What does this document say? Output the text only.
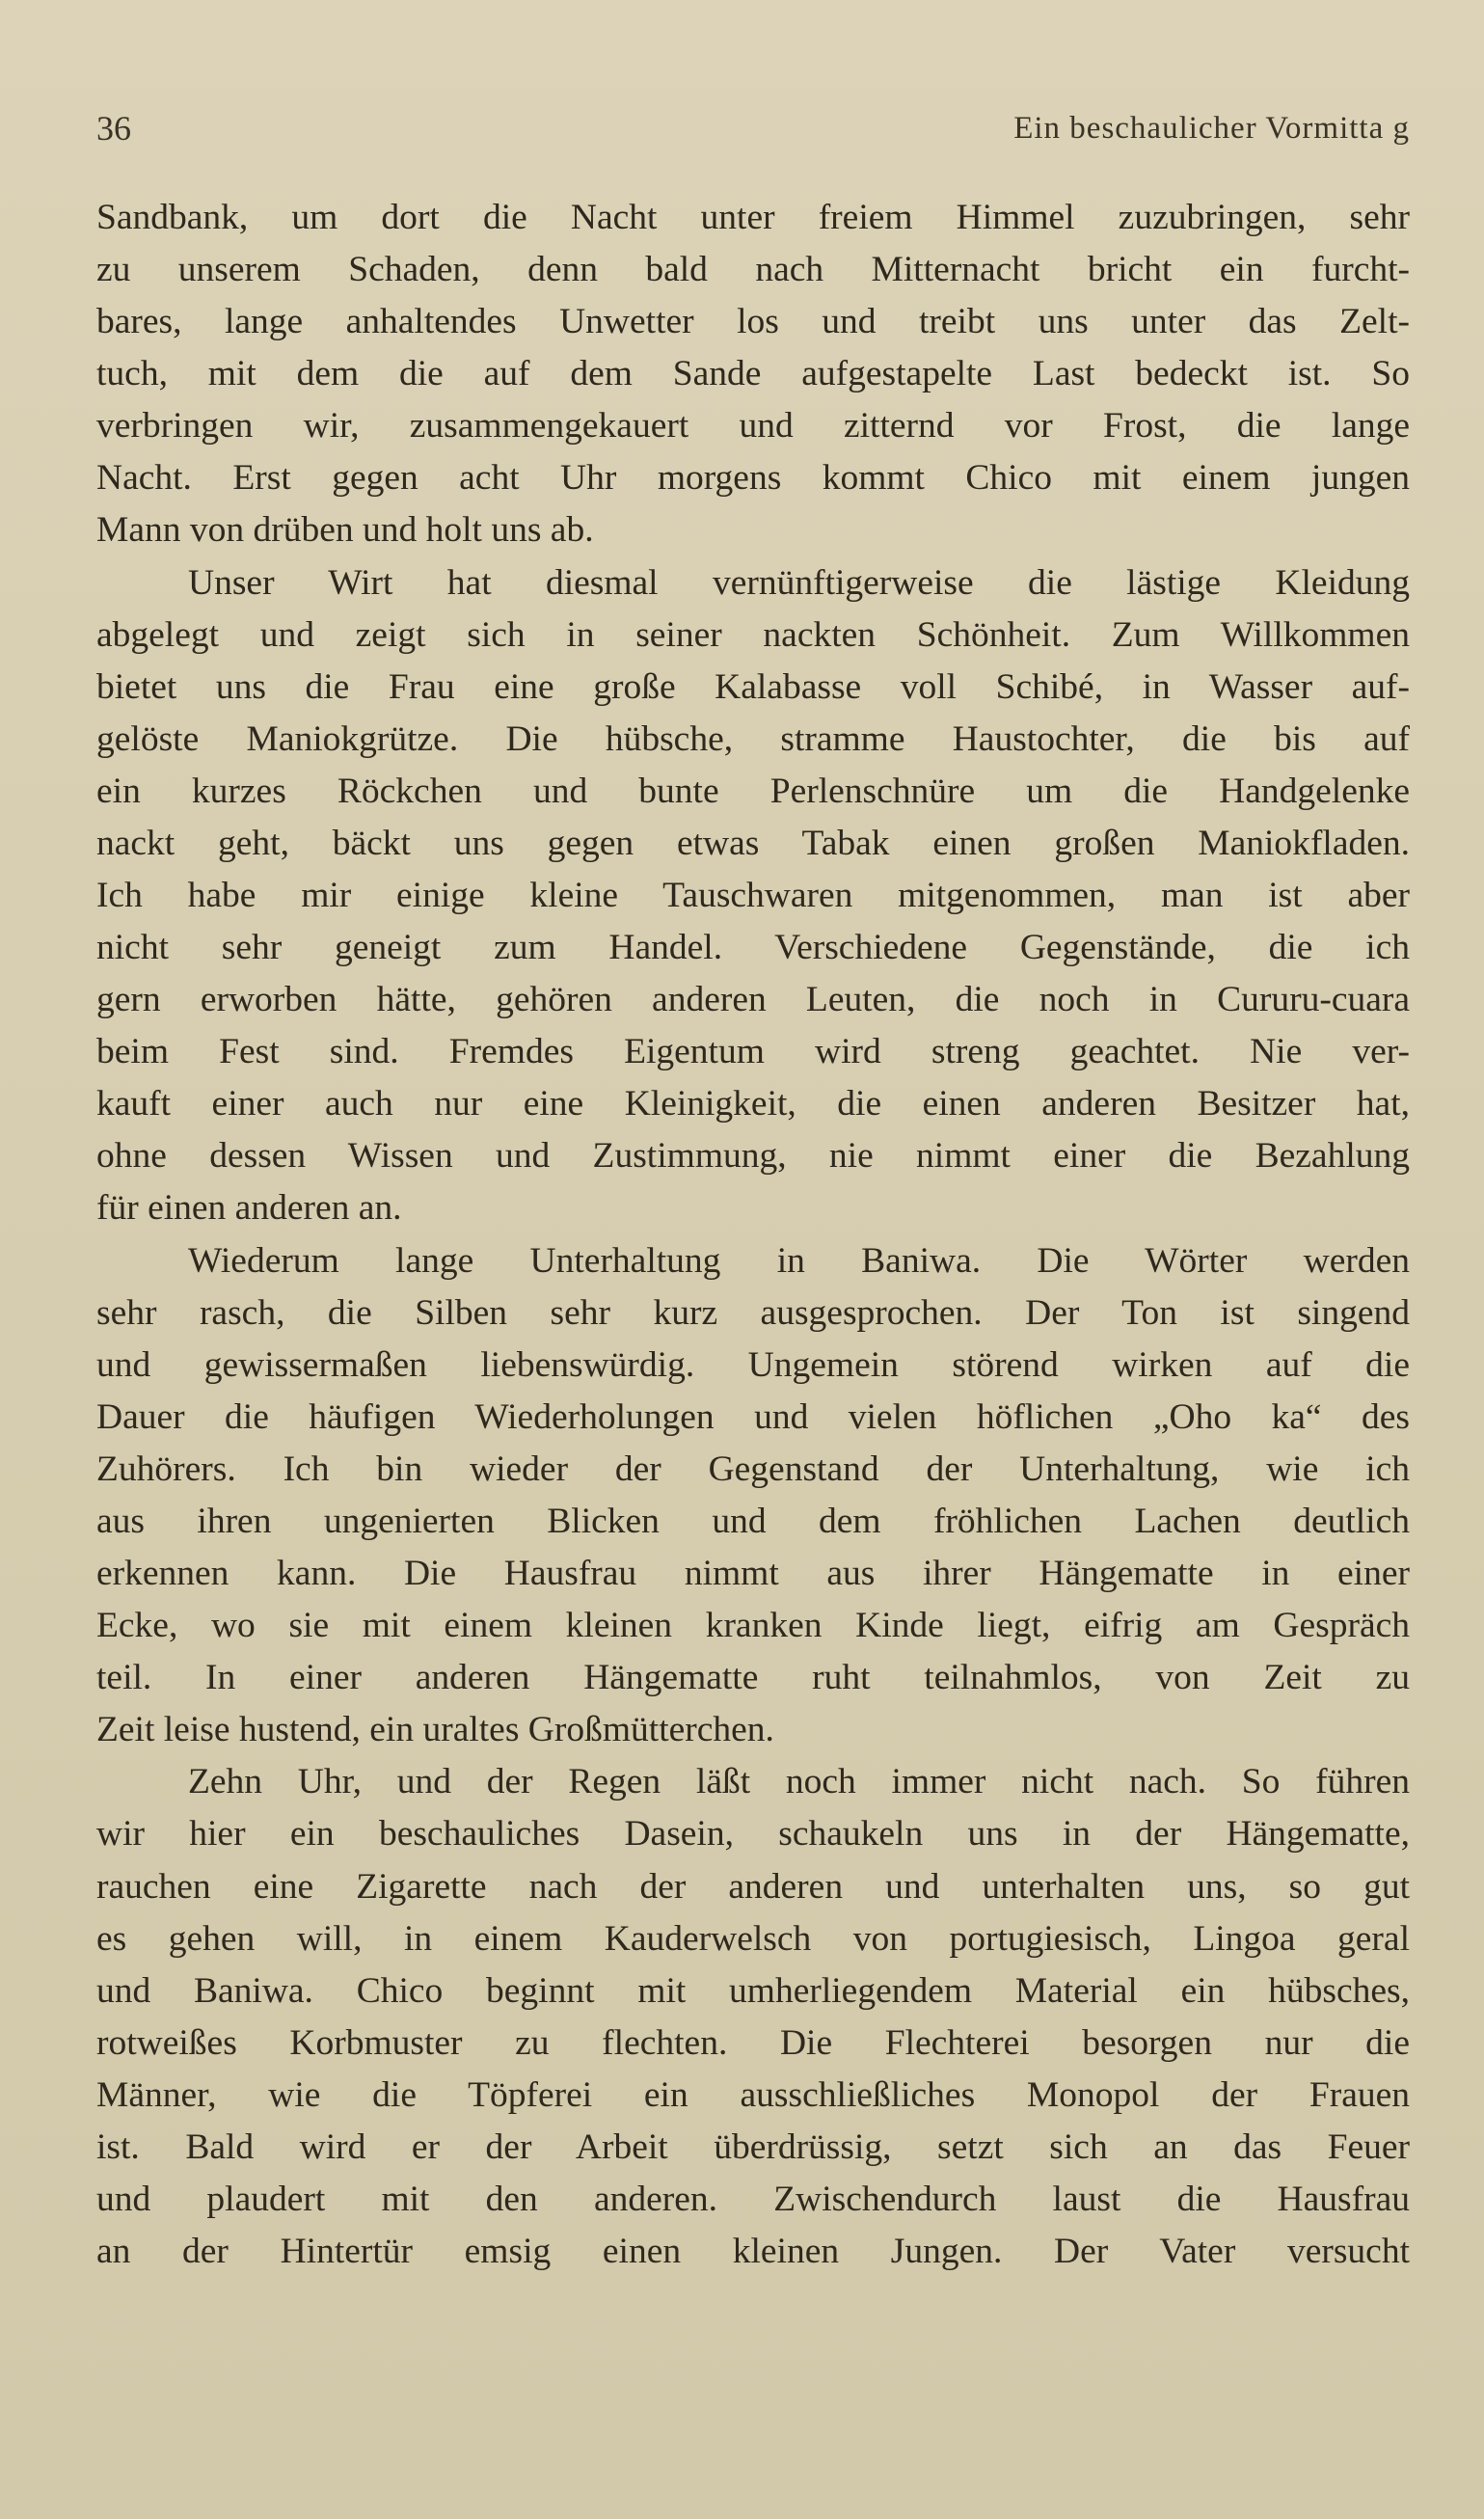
36	Ein beschaulicher Vormitta g
Sandbank, um dort die Nacht unter freiem Himmel zuzubringen, sehr
zu unserem Schaden, denn bald nach Mitternacht bricht ein furcht-
bares, lange anhaltendes Unwetter los und treibt uns unter das Zelt-
tuch, mit dem die auf dem Sande aufgestapelte Last bedeckt ist. So
verbringen wir, zusammengekauert und zitternd vor Frost, die lange
Nacht. Erst gegen acht Uhr morgens kommt Chico mit einem jungen
Mann von drüben und holt uns ab.
Unser Wirt hat diesmal vernünftigerweise die lästige Kleidung
abgelegt und zeigt sich in seiner nackten Schönheit. Zum Willkommen
bietet uns die Frau eine große Kalabasse voll Schibé, in Wasser auf-
gelöste Maniokgrütze. Die hübsche, stramme Haustochter, die bis auf
ein kurzes Röckchen und bunte Perlenschnüre um die Handgelenke
nackt geht, bäckt uns gegen etwas Tabak einen großen Maniokfladen.
Ich habe mir einige kleine Tauschwaren mitgenommen, man ist aber
nicht sehr geneigt zum Handel. Verschiedene Gegenstände, die ich
gern erworben hätte, gehören anderen Leuten, die noch in Cururu-cuara
beim Fest sind. Fremdes Eigentum wird streng geachtet. Nie ver-
kauft einer auch nur eine Kleinigkeit, die einen anderen Besitzer hat,
ohne dessen Wissen und Zustimmung, nie nimmt einer die Bezahlung
für einen anderen an.
Wiederum lange Unterhaltung in Baniwa. Die Wörter werden
sehr rasch, die Silben sehr kurz ausgesprochen. Der Ton ist singend
und gewissermaßen liebenswürdig. Ungemein störend wirken auf die
Dauer die häufigen Wiederholungen und vielen höflichen „Oho ka“ des
Zuhörers. Ich bin wieder der Gegenstand der Unterhaltung, wie ich
aus ihren ungenierten Blicken und dem fröhlichen Lachen deutlich
erkennen kann. Die Hausfrau nimmt aus ihrer Hängematte in einer
Ecke, wo sie mit einem kleinen kranken Kinde liegt, eifrig am Gespräch
teil. In einer anderen Hängematte ruht teilnahmlos, von Zeit zu
Zeit leise hustend, ein uraltes Großmütterchen.
Zehn Uhr, und der Regen läßt noch immer nicht nach. So führen
wir hier ein beschauliches Dasein, schaukeln uns in der Hängematte,
rauchen eine Zigarette nach der anderen und unterhalten uns, so gut
es gehen will, in einem Kauderwelsch von portugiesisch, Lingoa geral
und Baniwa. Chico beginnt mit umherliegendem Material ein hübsches,
rotweißes Korbmuster zu flechten. Die Flechterei besorgen nur die
Männer, wie die Töpferei ein ausschließliches Monopol der Frauen
ist. Bald wird er der Arbeit überdrüssig, setzt sich an das Feuer
und plaudert mit den anderen. Zwischendurch laust die Hausfrau
an der Hintertür emsig einen kleinen Jungen. Der Vater versucht
